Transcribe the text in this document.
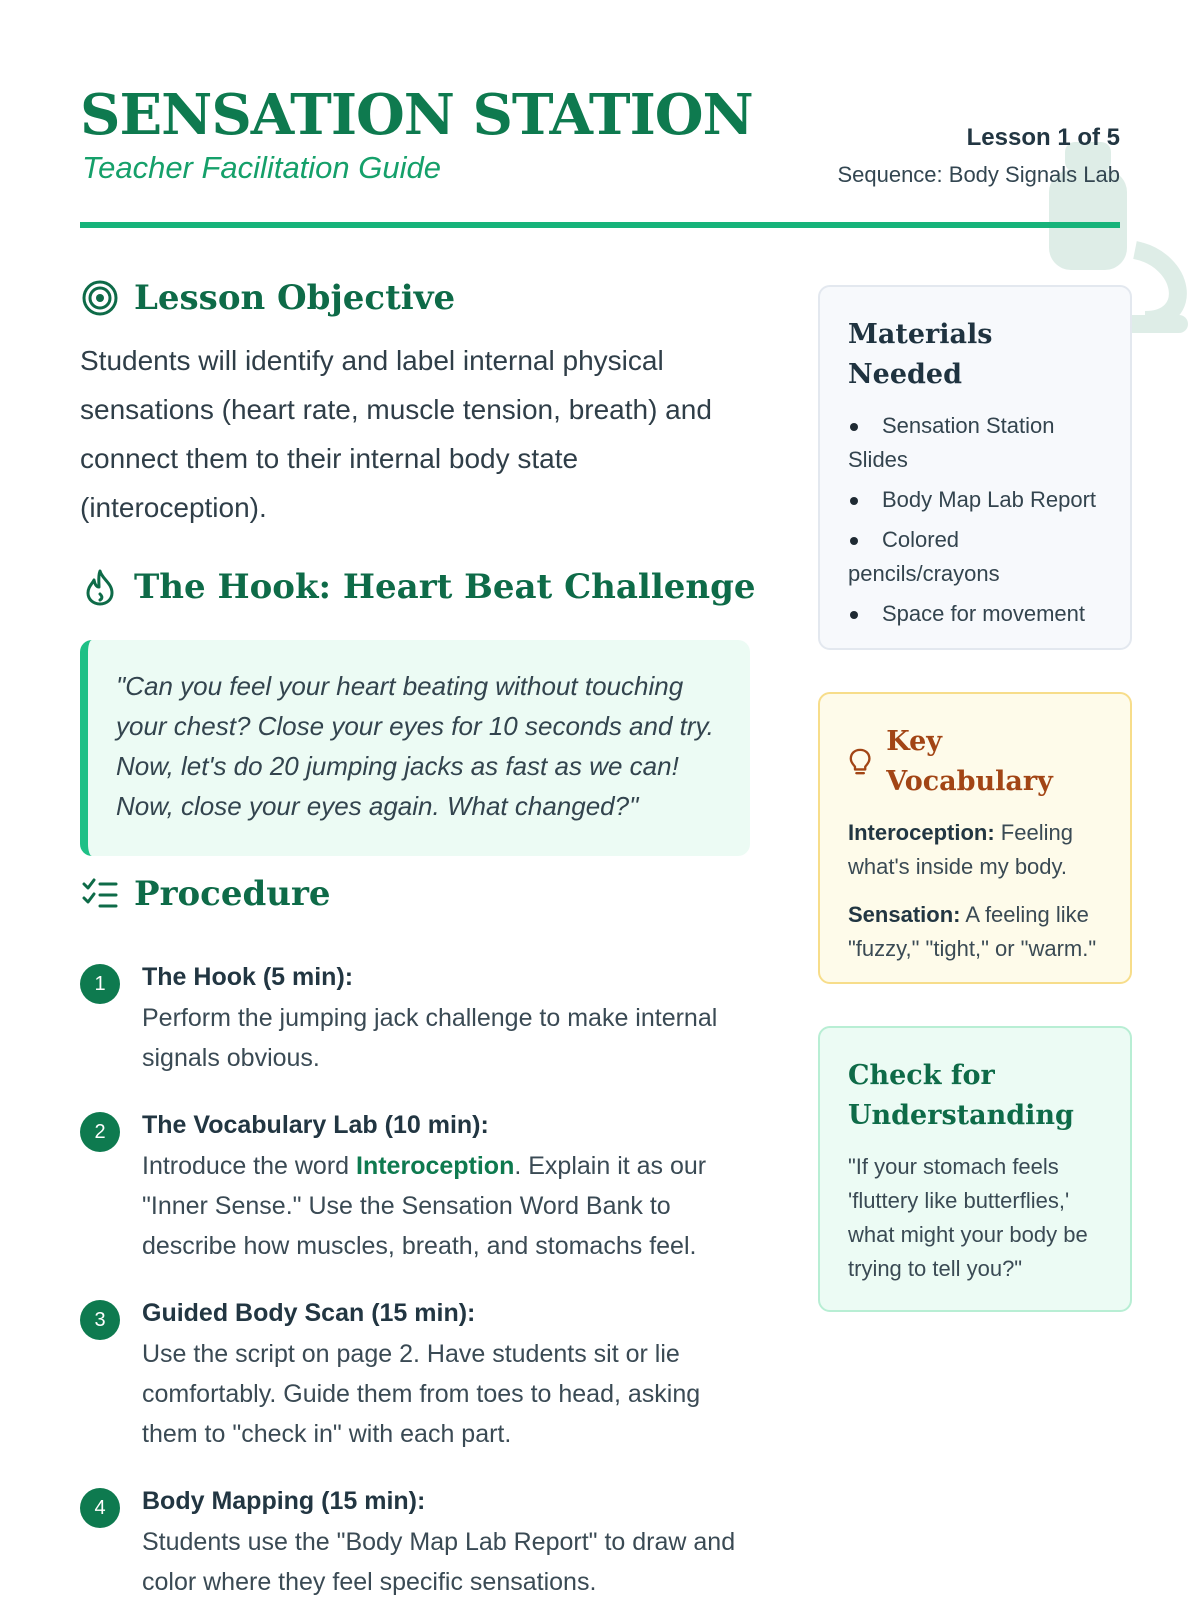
SENSATION STATION
Teacher Facilitation Guide
Lesson 1 of 5
Sequence: Body Signals Lab
Lesson Objective
Students will identify and label internal physical sensations (heart rate, muscle tension, breath) and connect them to their internal body state (interoception).
The Hook: Heart Beat Challenge

"Can you feel your heart beating without touching your chest? Close your eyes for 10 seconds and try. Now, let's do 20 jumping jacks as fast as we can! Now, close your eyes again. What changed?"

Procedure
1	The Hook (5 min):
Perform the jumping jack challenge to make internal signals obvious.
2	The Vocabulary Lab (10 min):
Introduce the word Interoception. Explain it as our "Inner Sense." Use the Sensation Word Bank to describe how muscles, breath, and stomachs feel.
3	Guided Body Scan (15 min):
Use the script on page 2. Have students sit or lie comfortably. Guide them from toes to head, asking them to "check in" with each part.
4	Body Mapping (15 min):
Students use the "Body Map Lab Report" to draw and color where they feel specific sensations.
Materials Needed
Sensation Station Slides
Body Map Lab Report
Colored pencils/crayons
Space for movement
Key Vocabulary

Interoception: Feeling what's inside my body.

Sensation: A feeling like "fuzzy," "tight," or "warm."

Check for Understanding

"If your stomach feels 'fluttery like butterflies,' what might your body be trying to tell you?"
